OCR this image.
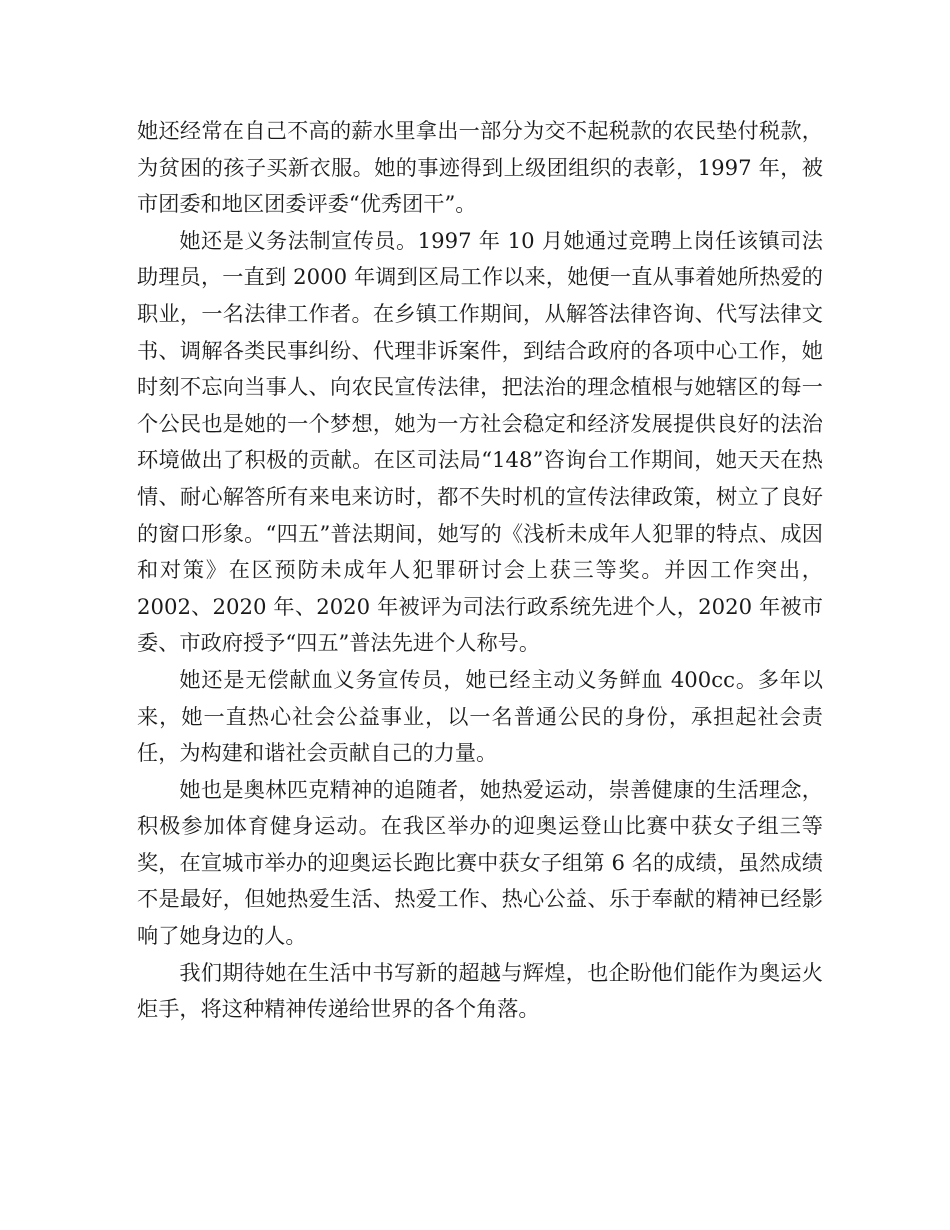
她还经常在自己不高的薪水里拿出一部分为交不起税款的农民垫付税款，为贫困的孩子买新衣服。她的事迹得到上级团组织的表彰，1997 年，被市团委和地区团委评委“优秀团干”。

她还是义务法制宣传员。1997 年 10 月她通过竞聘上岗任该镇司法助理员，一直到 2000 年调到区局工作以来，她便一直从事着她所热爱的职业，一名法律工作者。在乡镇工作期间，从解答法律咨询、代写法律文书、调解各类民事纠纷、代理非诉案件，到结合政府的各项中心工作，她时刻不忘向当事人、向农民宣传法律，把法治的理念植根与她辖区的每一个公民也是她的一个梦想，她为一方社会稳定和经济发展提供良好的法治环境做出了积极的贡献。在区司法局“148”咨询台工作期间，她天天在热情、耐心解答所有来电来访时，都不失时机的宣传法律政策，树立了良好的窗口形象。“四五”普法期间，她写的《浅析未成年人犯罪的特点、成因和对策》在区预防未成年人犯罪研讨会上获三等奖。并因工作突出，2002、2020 年、2020 年被评为司法行政系统先进个人，2020 年被市委、市政府授予“四五”普法先进个人称号。

她还是无偿献血义务宣传员，她已经主动义务鲜血 400cc。多年以来，她一直热心社会公益事业，以一名普通公民的身份，承担起社会责任，为构建和谐社会贡献自己的力量。

她也是奥林匹克精神的追随者，她热爱运动，崇善健康的生活理念，积极参加体育健身运动。在我区举办的迎奥运登山比赛中获女子组三等奖，在宣城市举办的迎奥运长跑比赛中获女子组第 6 名的成绩，虽然成绩不是最好，但她热爱生活、热爱工作、热心公益、乐于奉献的精神已经影响了她身边的人。

我们期待她在生活中书写新的超越与辉煌，也企盼他们能作为奥运火炬手，将这种精神传递给世界的各个角落。
